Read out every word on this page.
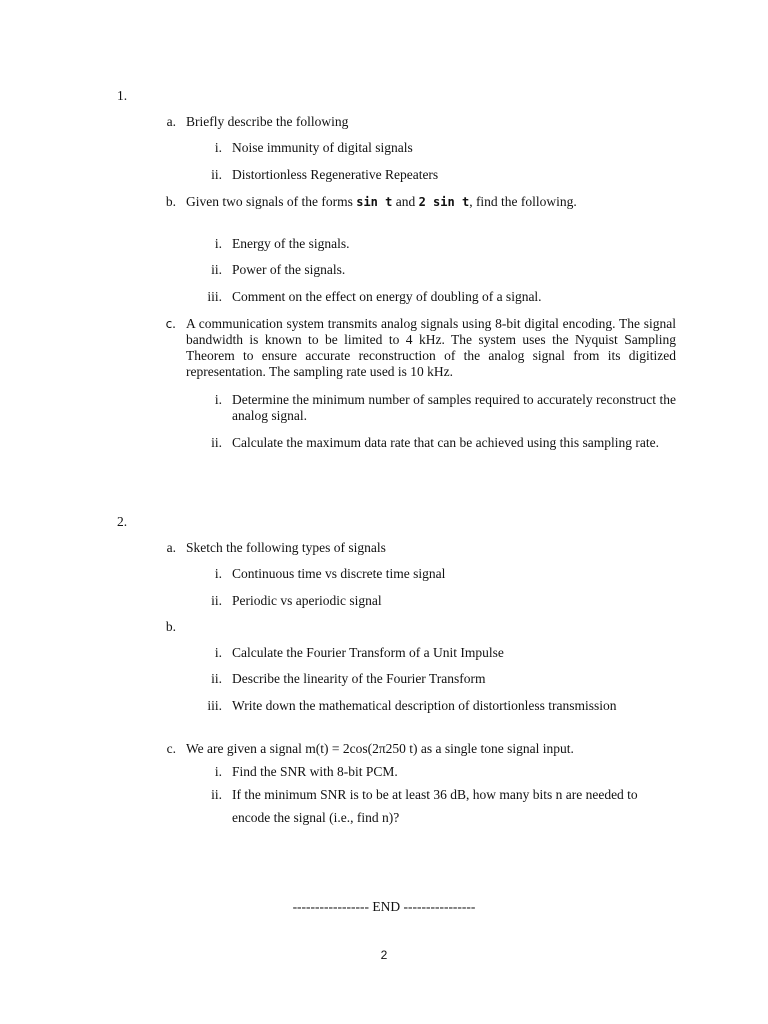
1.

a. Briefly describe the following

i. Noise immunity of digital signals

ii. Distortionless Regenerative Repeaters

b. Given two signals of the forms sin t and 2 sin t, find the following.

i. Energy of the signals.

ii. Power of the signals.

iii. Comment on the effect on energy of doubling of a signal.

c. A communication system transmits analog signals using 8-bit digital encoding. The signal bandwidth is known to be limited to 4 kHz. The system uses the Nyquist Sampling Theorem to ensure accurate reconstruction of the analog signal from its digitized representation. The sampling rate used is 10 kHz.

i. Determine the minimum number of samples required to accurately reconstruct the analog signal.

ii. Calculate the maximum data rate that can be achieved using this sampling rate.

2.

a. Sketch the following types of signals

i. Continuous time vs discrete time signal

ii. Periodic vs aperiodic signal

b.

i. Calculate the Fourier Transform of a Unit Impulse

ii. Describe the linearity of the Fourier Transform

iii. Write down the mathematical description of distortionless transmission

c. We are given a signal m(t) = 2cos(2π250 t) as a single tone signal input.

i. Find the SNR with 8-bit PCM.

ii. If the minimum SNR is to be at least 36 dB, how many bits n are needed to

encode the signal (i.e., find n)?

----------------- END ----------------

2
